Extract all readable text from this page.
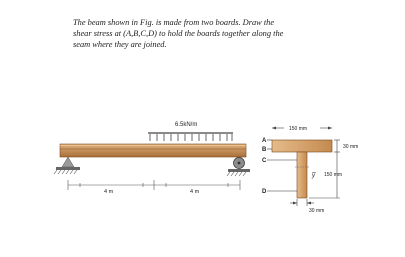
The beam shown in Fig. is made from two boards. Draw the
shear stress at (A,B,C,D) to hold the boards together along the
seam where they are joined.
6.5kN/m
4 m	4 m
A
B
C
D
150 mm
30 mm
150 mm
y̅
30 mm
